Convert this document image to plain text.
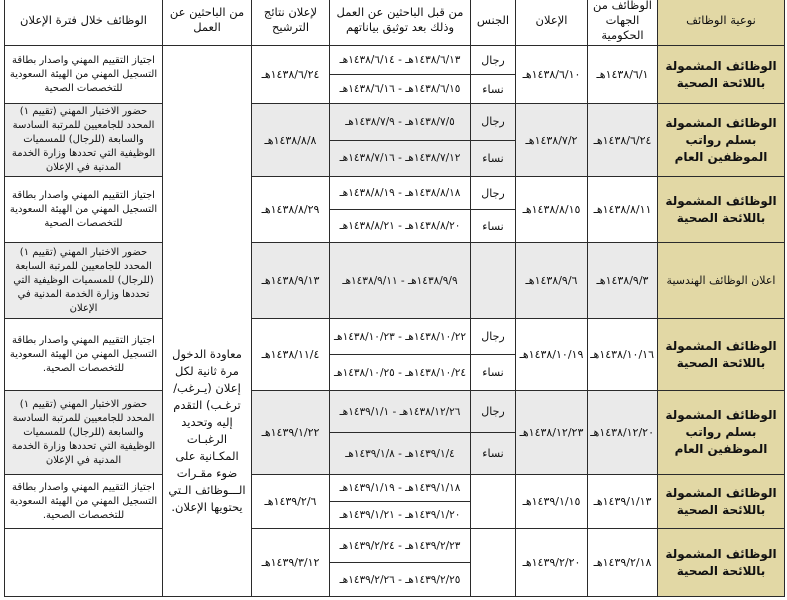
نوعية الوظائف	الوظائف من الجهات الحكومية	الإعلان	الجنس	من قبل الباحثين عن العمل وذلك بعد توثيق بياناتهم	لإعلان نتائج الترشيح	من الباحثين عن العمل	الوظائف خلال فترة الإعلان
الوظائف المشمولة باللائحة الصحية	١٤٣٨/٦/١هـ	١٤٣٨/٦/١٠هـ	رجال	١٤٣٨/٦/١٣هـ - ١٤٣٨/٦/١٤هـ	١٤٣٨/٦/٢٤هـ	معاودة الدخول مرة ثانية لكل إعلان (يـرغب/ ترغـب) التقدم إليه وتحديد الرغبـات المكـانية على ضوء مقـرات الـــوظائف الـتي يحتويها الإعلان.	اجتياز التقييم المهني واصدار بطاقة التسجيل المهني من الهيئة السعودية للتخصصات الصحية
			نساء	١٤٣٨/٦/١٥هـ - ١٤٣٨/٦/١٦هـ			
الوظائف المشمولة بسلم رواتب الموظفين العام	١٤٣٨/٦/٢٤هـ	١٤٣٨/٧/٢هـ	رجال	١٤٣٨/٧/٥هـ - ١٤٣٨/٧/٩هـ	١٤٣٨/٨/٨هـ		حضور الاختبار المهني (تقييم ١) المحدد للجامعيين للمرتبة السادسة والسابعة (للرجال) للمسميات الوظيفية التي تحددها وزارة الخدمة المدنية في الإعلان
			نساء	١٤٣٨/٧/١٢هـ - ١٤٣٨/٧/١٦هـ			
الوظائف المشمولة باللائحة الصحية	١٤٣٨/٨/١١هـ	١٤٣٨/٨/١٥هـ	رجال	١٤٣٨/٨/١٨هـ - ١٤٣٨/٨/١٩هـ	١٤٣٨/٨/٢٩هـ		اجتياز التقييم المهني واصدار بطاقة التسجيل المهني من الهيئة السعودية للتخصصات الصحية
			نساء	١٤٣٨/٨/٢٠هـ - ١٤٣٨/٨/٢١هـ			
اعلان الوظائف الهندسية	١٤٣٨/٩/٣هـ	١٤٣٨/٩/٦هـ		١٤٣٨/٩/٩هـ - ١٤٣٨/٩/١١هـ	١٤٣٨/٩/١٣هـ		حضور الاختبار المهني (تقييم ١) المحدد للجامعيين للمرتبة السابعة (للرجال) للمسميات الوظيفية التي تحددها وزارة الخدمة المدنية في الإعلان
الوظائف المشمولة باللائحة الصحية	١٤٣٨/١٠/١٦هـ	١٤٣٨/١٠/١٩هـ	رجال	١٤٣٨/١٠/٢٢هـ - ١٤٣٨/١٠/٢٣هـ	١٤٣٨/١١/٤هـ		اجتياز التقييم المهني واصدار بطاقة التسجيل المهني من الهيئة السعودية للتخصصات الصحية.
			نساء	١٤٣٨/١٠/٢٤هـ - ١٤٣٨/١٠/٢٥هـ			
الوظائف المشمولة بسلم رواتب الموظفين العام	١٤٣٨/١٢/٢٠هـ	١٤٣٨/١٢/٢٣هـ	رجال	١٤٣٨/١٢/٢٦هـ - ١٤٣٩/١/١هـ	١٤٣٩/١/٢٢هـ		حضور الاختبار المهني (تقييم ١) المحدد للجامعيين للمرتبة السادسة والسابعة (للرجال) للمسميات الوظيفية التي تحددها وزارة الخدمة المدنية في الإعلان
			نساء	١٤٣٩/١/٤هـ - ١٤٣٩/١/٨هـ			
الوظائف المشمولة باللائحة الصحية	١٤٣٩/١/١٣هـ	١٤٣٩/١/١٥هـ		١٤٣٩/١/١٨هـ - ١٤٣٩/١/١٩هـ	١٤٣٩/٢/٦هـ		اجتياز التقييم المهني واصدار بطاقة التسجيل المهني من الهيئة السعودية للتخصصات الصحية.
				١٤٣٩/١/٢٠هـ - ١٤٣٩/١/٢١هـ			
الوظائف المشمولة باللائحة الصحية	١٤٣٩/٢/١٨هـ	١٤٣٩/٢/٢٠هـ		١٤٣٩/٢/٢٣هـ - ١٤٣٩/٢/٢٤هـ	١٤٣٩/٣/١٢هـ		
				١٤٣٩/٢/٢٥هـ - ١٤٣٩/٢/٢٦هـ			
